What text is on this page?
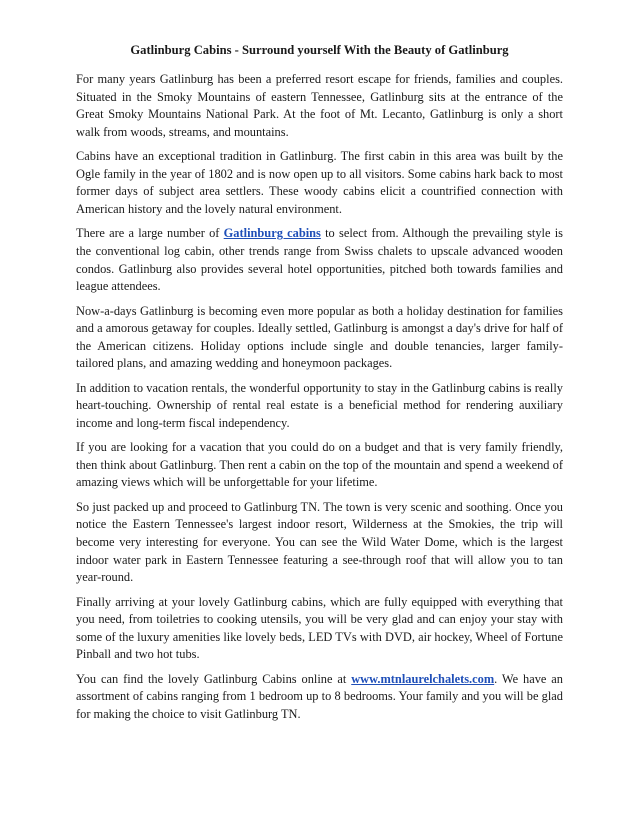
Gatlinburg Cabins - Surround yourself With the Beauty of Gatlinburg

For many years Gatlinburg has been a preferred resort escape for friends, families and couples. Situated in the Smoky Mountains of eastern Tennessee, Gatlinburg sits at the entrance of the Great Smoky Mountains National Park. At the foot of Mt. Lecanto, Gatlinburg is only a short walk from woods, streams, and mountains.

Cabins have an exceptional tradition in Gatlinburg. The first cabin in this area was built by the Ogle family in the year of 1802 and is now open up to all visitors. Some cabins hark back to most former days of subject area settlers. These woody cabins elicit a countrified connection with American history and the lovely natural environment.

There are a large number of Gatlinburg cabins to select from. Although the prevailing style is the conventional log cabin, other trends range from Swiss chalets to upscale advanced wooden condos. Gatlinburg also provides several hotel opportunities, pitched both towards families and league attendees.

Now-a-days Gatlinburg is becoming even more popular as both a holiday destination for families and a amorous getaway for couples. Ideally settled, Gatlinburg is amongst a day's drive for half of the American citizens. Holiday options include single and double tenancies, larger family- tailored plans, and amazing wedding and honeymoon packages.

In addition to vacation rentals, the wonderful opportunity to stay in the Gatlinburg cabins is really heart-touching. Ownership of rental real estate is a beneficial method for rendering auxiliary income and long-term fiscal independency.

If you are looking for a vacation that you could do on a budget and that is very family friendly, then think about Gatlinburg. Then rent a cabin on the top of the mountain and spend a weekend of amazing views which will be unforgettable for your lifetime.

So just packed up and proceed to Gatlinburg TN. The town is very scenic and soothing. Once you notice the Eastern Tennessee's largest indoor resort, Wilderness at the Smokies, the trip will become very interesting for everyone. You can see the Wild Water Dome, which is the largest indoor water park in Eastern Tennessee featuring a see-through roof that will allow you to tan year-round.

Finally arriving at your lovely Gatlinburg cabins, which are fully equipped with everything that you need, from toiletries to cooking utensils, you will be very glad and can enjoy your stay with some of the luxury amenities like lovely beds, LED TVs with DVD, air hockey, Wheel of Fortune Pinball and two hot tubs.

You can find the lovely Gatlinburg Cabins online at www.mtnlaurelchalets.com. We have an assortment of cabins ranging from 1 bedroom up to 8 bedrooms. Your family and you will be glad for making the choice to visit Gatlinburg TN.
